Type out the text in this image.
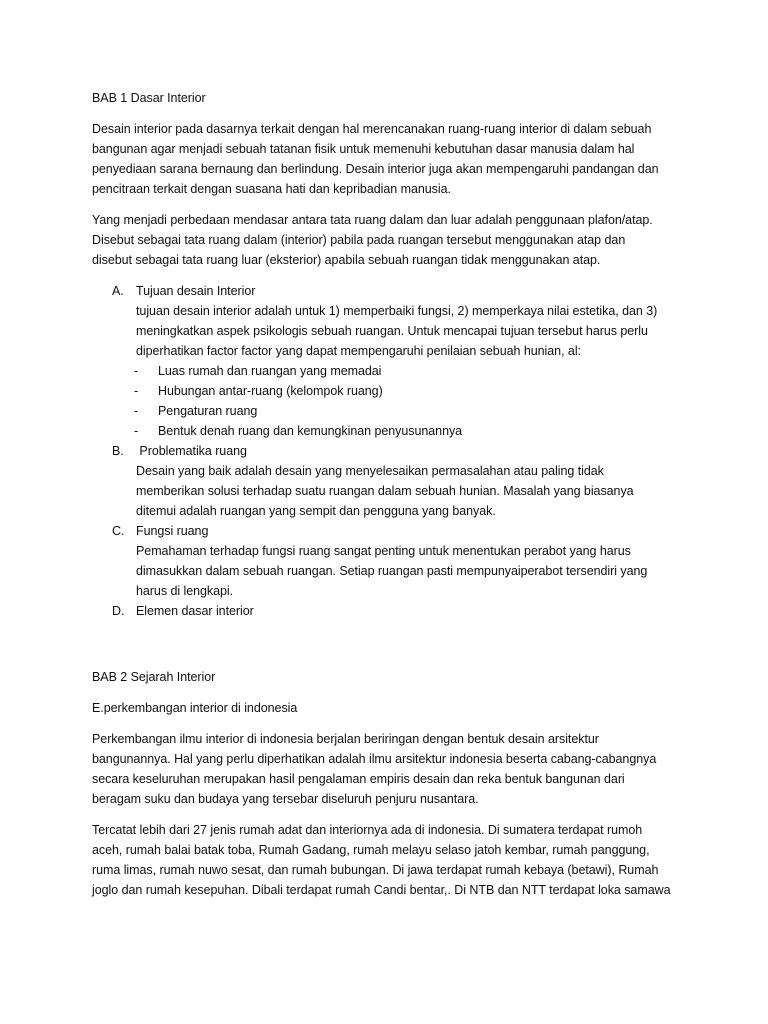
BAB 1 Dasar Interior
Desain interior pada dasarnya terkait dengan hal merencanakan ruang-ruang interior di dalam sebuah
bangunan agar menjadi sebuah tatanan fisik untuk memenuhi kebutuhan dasar manusia dalam hal
penyediaan sarana bernaung dan berlindung. Desain interior juga akan mempengaruhi pandangan dan
pencitraan terkait dengan suasana hati dan kepribadian manusia.
Yang menjadi perbedaan mendasar antara tata ruang dalam dan luar adalah penggunaan plafon/atap.
Disebut sebagai tata ruang dalam (interior) pabila pada ruangan tersebut menggunakan atap dan
disebut sebagai tata ruang luar (eksterior) apabila sebuah ruangan tidak menggunakan atap.
A. Tujuan desain Interior
tujuan desain interior adalah untuk 1) memperbaiki fungsi, 2) memperkaya nilai estetika, dan 3)
meningkatkan aspek psikologis sebuah ruangan. Untuk mencapai tujuan tersebut harus perlu
diperhatikan factor factor yang dapat mempengaruhi penilaian sebuah hunian, al:
- Luas rumah dan ruangan yang memadai
- Hubungan antar-ruang (kelompok ruang)
- Pengaturan ruang
- Bentuk denah ruang dan kemungkinan penyusunannya
B. Problematika ruang
Desain yang baik adalah desain yang menyelesaikan permasalahan atau paling tidak
memberikan solusi terhadap suatu ruangan dalam sebuah hunian. Masalah yang biasanya
ditemui adalah ruangan yang sempit dan pengguna yang banyak.
C. Fungsi ruang
Pemahaman terhadap fungsi ruang sangat penting untuk menentukan perabot yang harus
dimasukkan dalam sebuah ruangan. Setiap ruangan pasti mempunyaiperabot tersendiri yang
harus di lengkapi.
D. Elemen dasar interior
BAB 2 Sejarah Interior
E.perkembangan interior di indonesia
Perkembangan ilmu interior di indonesia berjalan beriringan dengan bentuk desain arsitektur
bangunannya. Hal yang perlu diperhatikan adalah ilmu arsitektur indonesia beserta cabang-cabangnya
secara keseluruhan merupakan hasil pengalaman empiris desain dan reka bentuk bangunan dari
beragam suku dan budaya yang tersebar diseluruh penjuru nusantara.
Tercatat lebih dari 27 jenis rumah adat dan interiornya ada di indonesia. Di sumatera terdapat rumoh
aceh, rumah balai batak toba, Rumah Gadang, rumah melayu selaso jatoh kembar, rumah panggung,
ruma limas, rumah nuwo sesat, dan rumah bubungan. Di jawa terdapat rumah kebaya (betawi), Rumah
joglo dan rumah kesepuhan. Dibali terdapat rumah Candi bentar,. Di NTB dan NTT terdapat loka samawa
